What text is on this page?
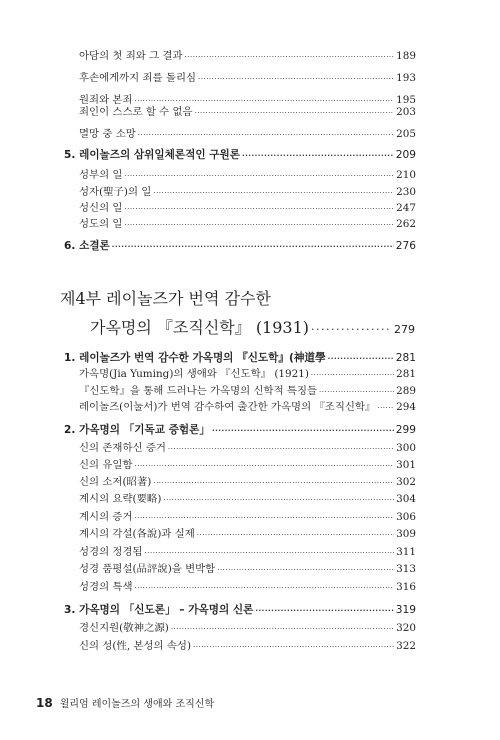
아담의 첫 죄와 그 결과 ·····	189
후손에게까지 죄를 돌리심 ·····	193
원죄와 본죄 ·····	195
죄인이 스스로 할 수 없음 ·····	203
멸망 중 소망 ·····	205
5. 레이놀즈의 삼위일체론적인 구원론 ·····	209
성부의 일 ·····	210
성자(聖子)의 일 ·····	230
성신의 일 ·····	247
성도의 일 ·····	262
6. 소결론 ·····	276
제4부 레이놀즈가 번역 감수한
가옥명의 『조직신학』 (1931) ·····	279
1. 레이놀즈가 번역 감수한 가옥명의 『신도학』(神道學 ·····	281
가옥명(Jia Yuming)의 생애와 『신도학』 (1921) ·····	281
『신도학』을 통해 드러나는 가옥명의 신학적 특징들 ·····	289
레이놀즈(이눌서)가 번역 감수하여 출간한 가옥명의 『조직신학』 ····· 294
2. 가옥명의 「기독교 증험론」 ·····	299
신의 존재하신 증거 ·····	300
신의 유일함 ·····	301
신의 소저(昭著) ·····	302
계시의 요략(要略) ·····	304
계시의 증거 ·····	306
계시의 각설(各說)과 실제 ·····	309
성경의 정경됨 ·····	311
성경 품평설(品評說)을 변박함 ·····	313
성경의 특색 ·····	316
3. 가옥명의 「신도론」 – 가옥명의 신론 ·····	319
경신지원(敬神之源) ·····	320
신의 성(性, 본성의 속성) ·····	322
18 윌리엄 레이놀즈의 생애와 조직신학
